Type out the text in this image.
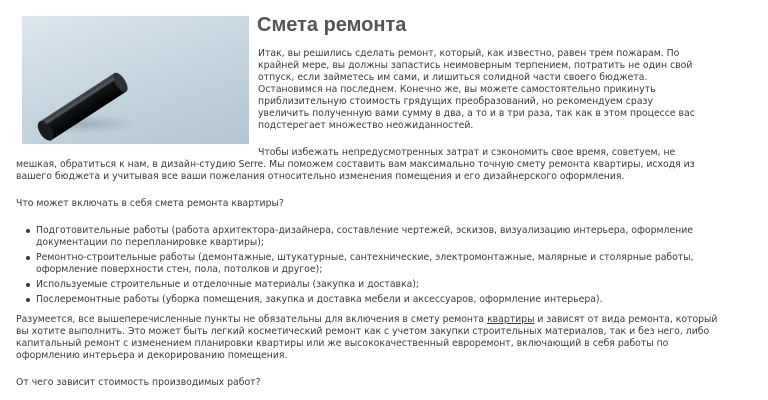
Смета ремонта
Итак, вы решились сделать ремонт, который, как известно, равен трем пожарам. По
крайней мере, вы должны запастись неимоверным терпением, потратить не один свой
отпуск, если займетесь им сами, и лишиться солидной части своего бюджета.
Остановимся на последнем. Конечно же, вы можете самостоятельно прикинуть
приблизительную стоимость грядущих преобразований, но рекомендуем сразу
увеличить полученную вами сумму в два, а то и в три раза, так как в этом процессе вас
подстерегает множество неожиданностей.

Чтобы избежать непредусмотренных затрат и сэкономить свое время, советуем, не

мешкая, обратиться к нам, в дизайн-студию Serre. Мы поможем составить вам максимально точную смету ремонта квартиры, исходя из

вашего бюджета и учитывая все ваши пожелания относительно изменения помещения и его дизайнерского оформления.

Что может включать в себя смета ремонта квартиры?

Подготовительные работы (работа архитектора-дизайнера, составление чертежей, эскизов, визуализацию интерьера, оформление
документации по перепланировке квартиры);
Ремонтно-строительные работы (демонтажные, штукатурные, сантехнические, электромонтажные, малярные и столярные работы,
оформление поверхности стен, пола, потолков и другое);
Используемые строительные и отделочные материалы (закупка и доставка);
Послеремонтные работы (уборка помещения, закупка и доставка мебели и аксессуаров, оформление интерьера).

Разумеется, все вышеперечисленные пункты не обязательны для включения в смету ремонта квартиры и зависят от вида ремонта, который

вы хотите выполнить. Это может быть легкий косметический ремонт как с учетом закупки строительных материалов, так и без него, либо

капитальный ремонт с изменением планировки квартиры или же высококачественный евроремонт, включающий в себя работы по

оформлению интерьера и декорированию помещения.

От чего зависит стоимость производимых работ?
